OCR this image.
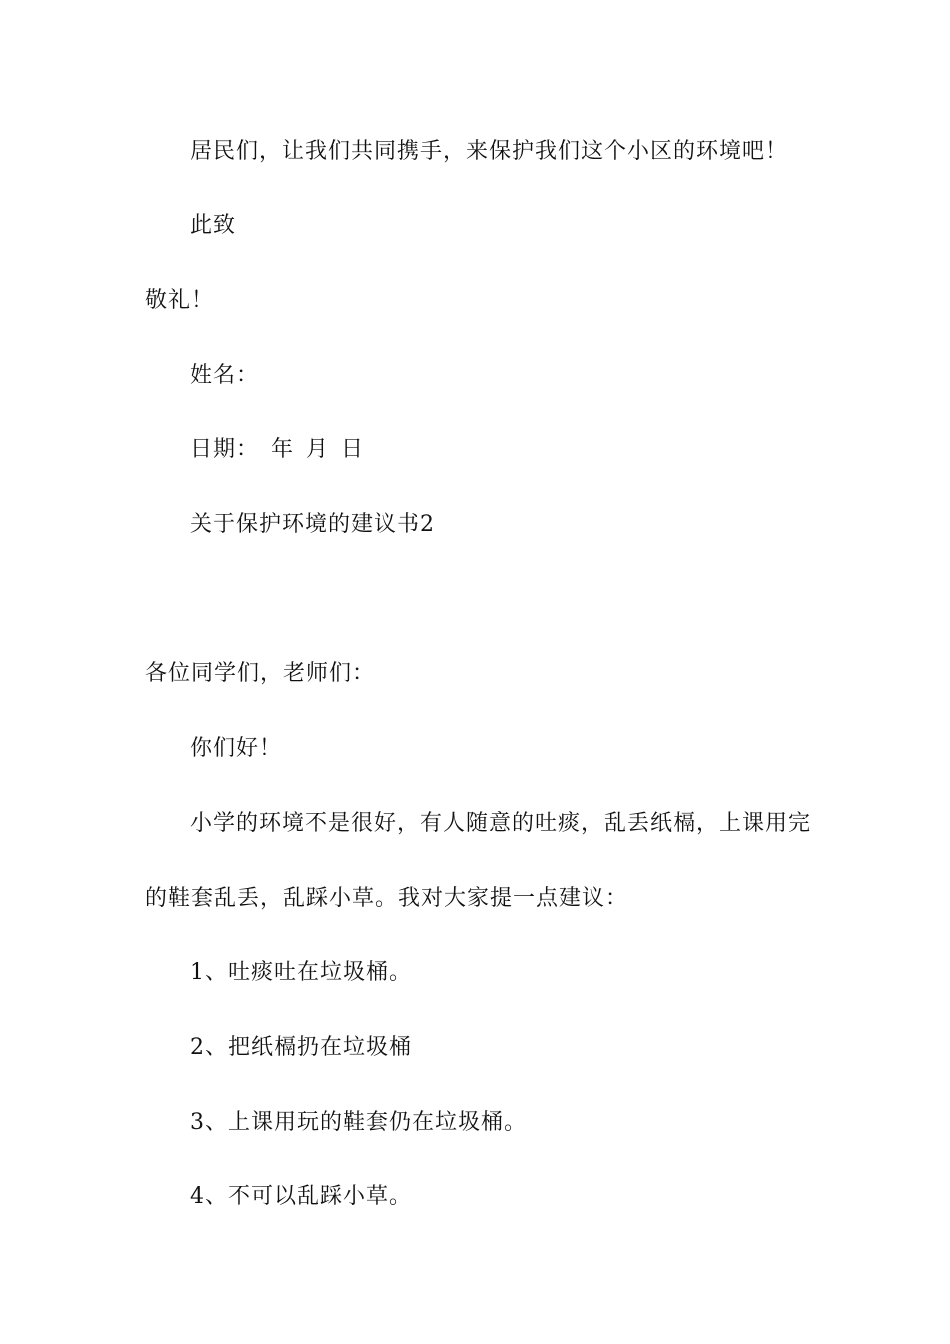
居民们，让我们共同携手，来保护我们这个小区的环境吧！
此致
敬礼！
姓名：
日期： 年 月 日
关于保护环境的建议书2
各位同学们，老师们：
你们好！
小学的环境不是很好，有人随意的吐痰，乱丢纸槅，上课用完
的鞋套乱丢，乱踩小草。我对大家提一点建议：
1、吐痰吐在垃圾桶。
2、把纸槅扔在垃圾桶
3、上课用玩的鞋套仍在垃圾桶。
4、不可以乱踩小草。
